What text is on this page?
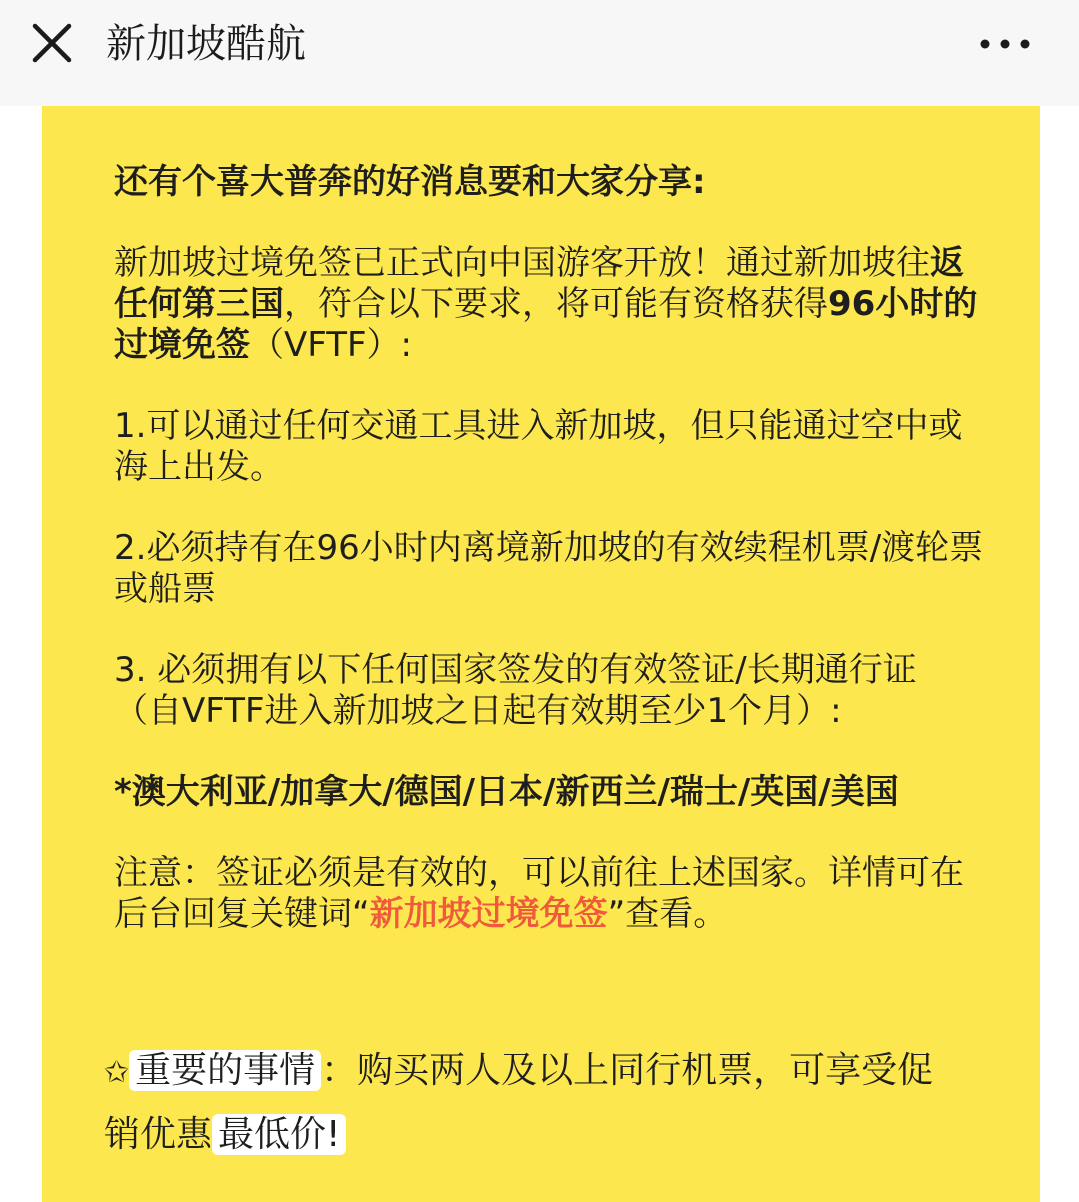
新加坡酷航

还有个喜大普奔的好消息要和大家分享:

新加坡过境免签已正式向中国游客开放！通过新加坡往返任何第三国，符合以下要求，将可能有资格获得96小时的过境免签（VFTF）:

1.可以通过任何交通工具进入新加坡，但只能通过空中或海上出发。

2.必须持有在96小时内离境新加坡的有效续程机票/渡轮票或船票

3. 必须拥有以下任何国家签发的有效签证/长期通行证（自VFTF进入新加坡之日起有效期至少1个月）:

*澳大利亚/加拿大/德国/日本/新西兰/瑞士/英国/美国

注意：签证必须是有效的，可以前往上述国家。详情可在后台回复关键词“新加坡过境免签”查看。

✩ 重要的事情 ：购买两人及以上同行机票，可享受促
销优惠 最低价!
